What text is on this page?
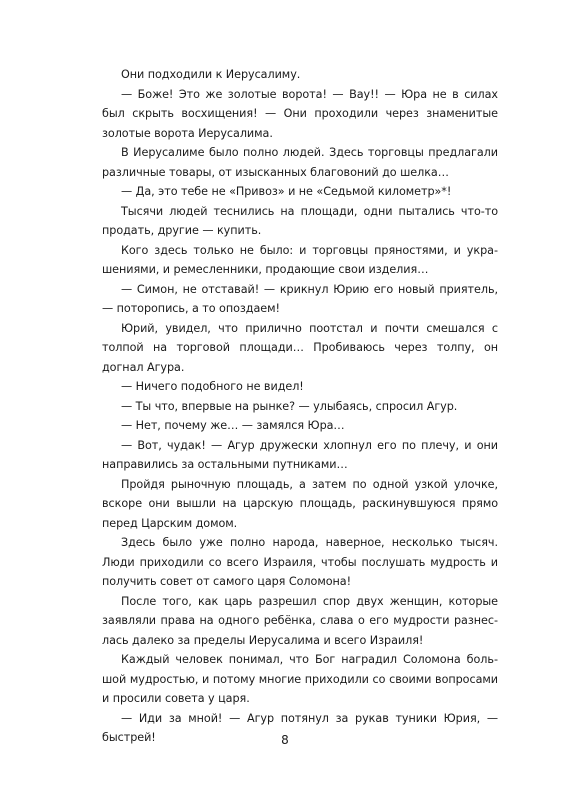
Они подходили к Иерусалиму.

— Боже! Это же золотые ворота! — Вау!! — Юра не в силах был скрыть восхищения! — Они проходили через знаменитые золотые ворота Иерусалима.

В Иерусалиме было полно людей. Здесь торговцы предлагали различные товары, от изысканных благовоний до шелка…

— Да, это тебе не «Привоз» и не «Седьмой километр»*!

Тысячи людей теснились на площади, одни пытались что-то продать, другие — купить.

Кого здесь только не было: и торговцы пряностями, и украшениями, и ремесленники, продающие свои изделия…

— Симон, не отставай! — крикнул Юрию его новый приятель, — поторопись, а то опоздаем!

Юрий, увидел, что прилично поотстал и почти смешался с толпой на торговой площади… Пробиваюсь через толпу, он догнал Агура.

— Ничего подобного не видел!

— Ты что, впервые на рынке? — улыбаясь, спросил Агур.

— Нет, почему же… — замялся Юра…

— Вот, чудак! — Агур дружески хлопнул его по плечу, и они направились за остальными путниками…

Пройдя рыночную площадь, а затем по одной узкой улочке, вскоре они вышли на царскую площадь, раскинувшуюся прямо перед Царским домом.

Здесь было уже полно народа, наверное, несколько тысяч. Люди приходили со всего Израиля, чтобы послушать мудрость и получить совет от самого царя Соломона!

После того, как царь разрешил спор двух женщин, которые заявляли права на одного ребёнка, слава о его мудрости разнеслась далеко за пределы Иерусалима и всего Израиля!

Каждый человек понимал, что Бог наградил Соломона большой мудростью, и потому многие приходили со своими вопросами и просили совета у царя.

— Иди за мной! — Агур потянул за рукав туники Юрия, — быстрей!	8
